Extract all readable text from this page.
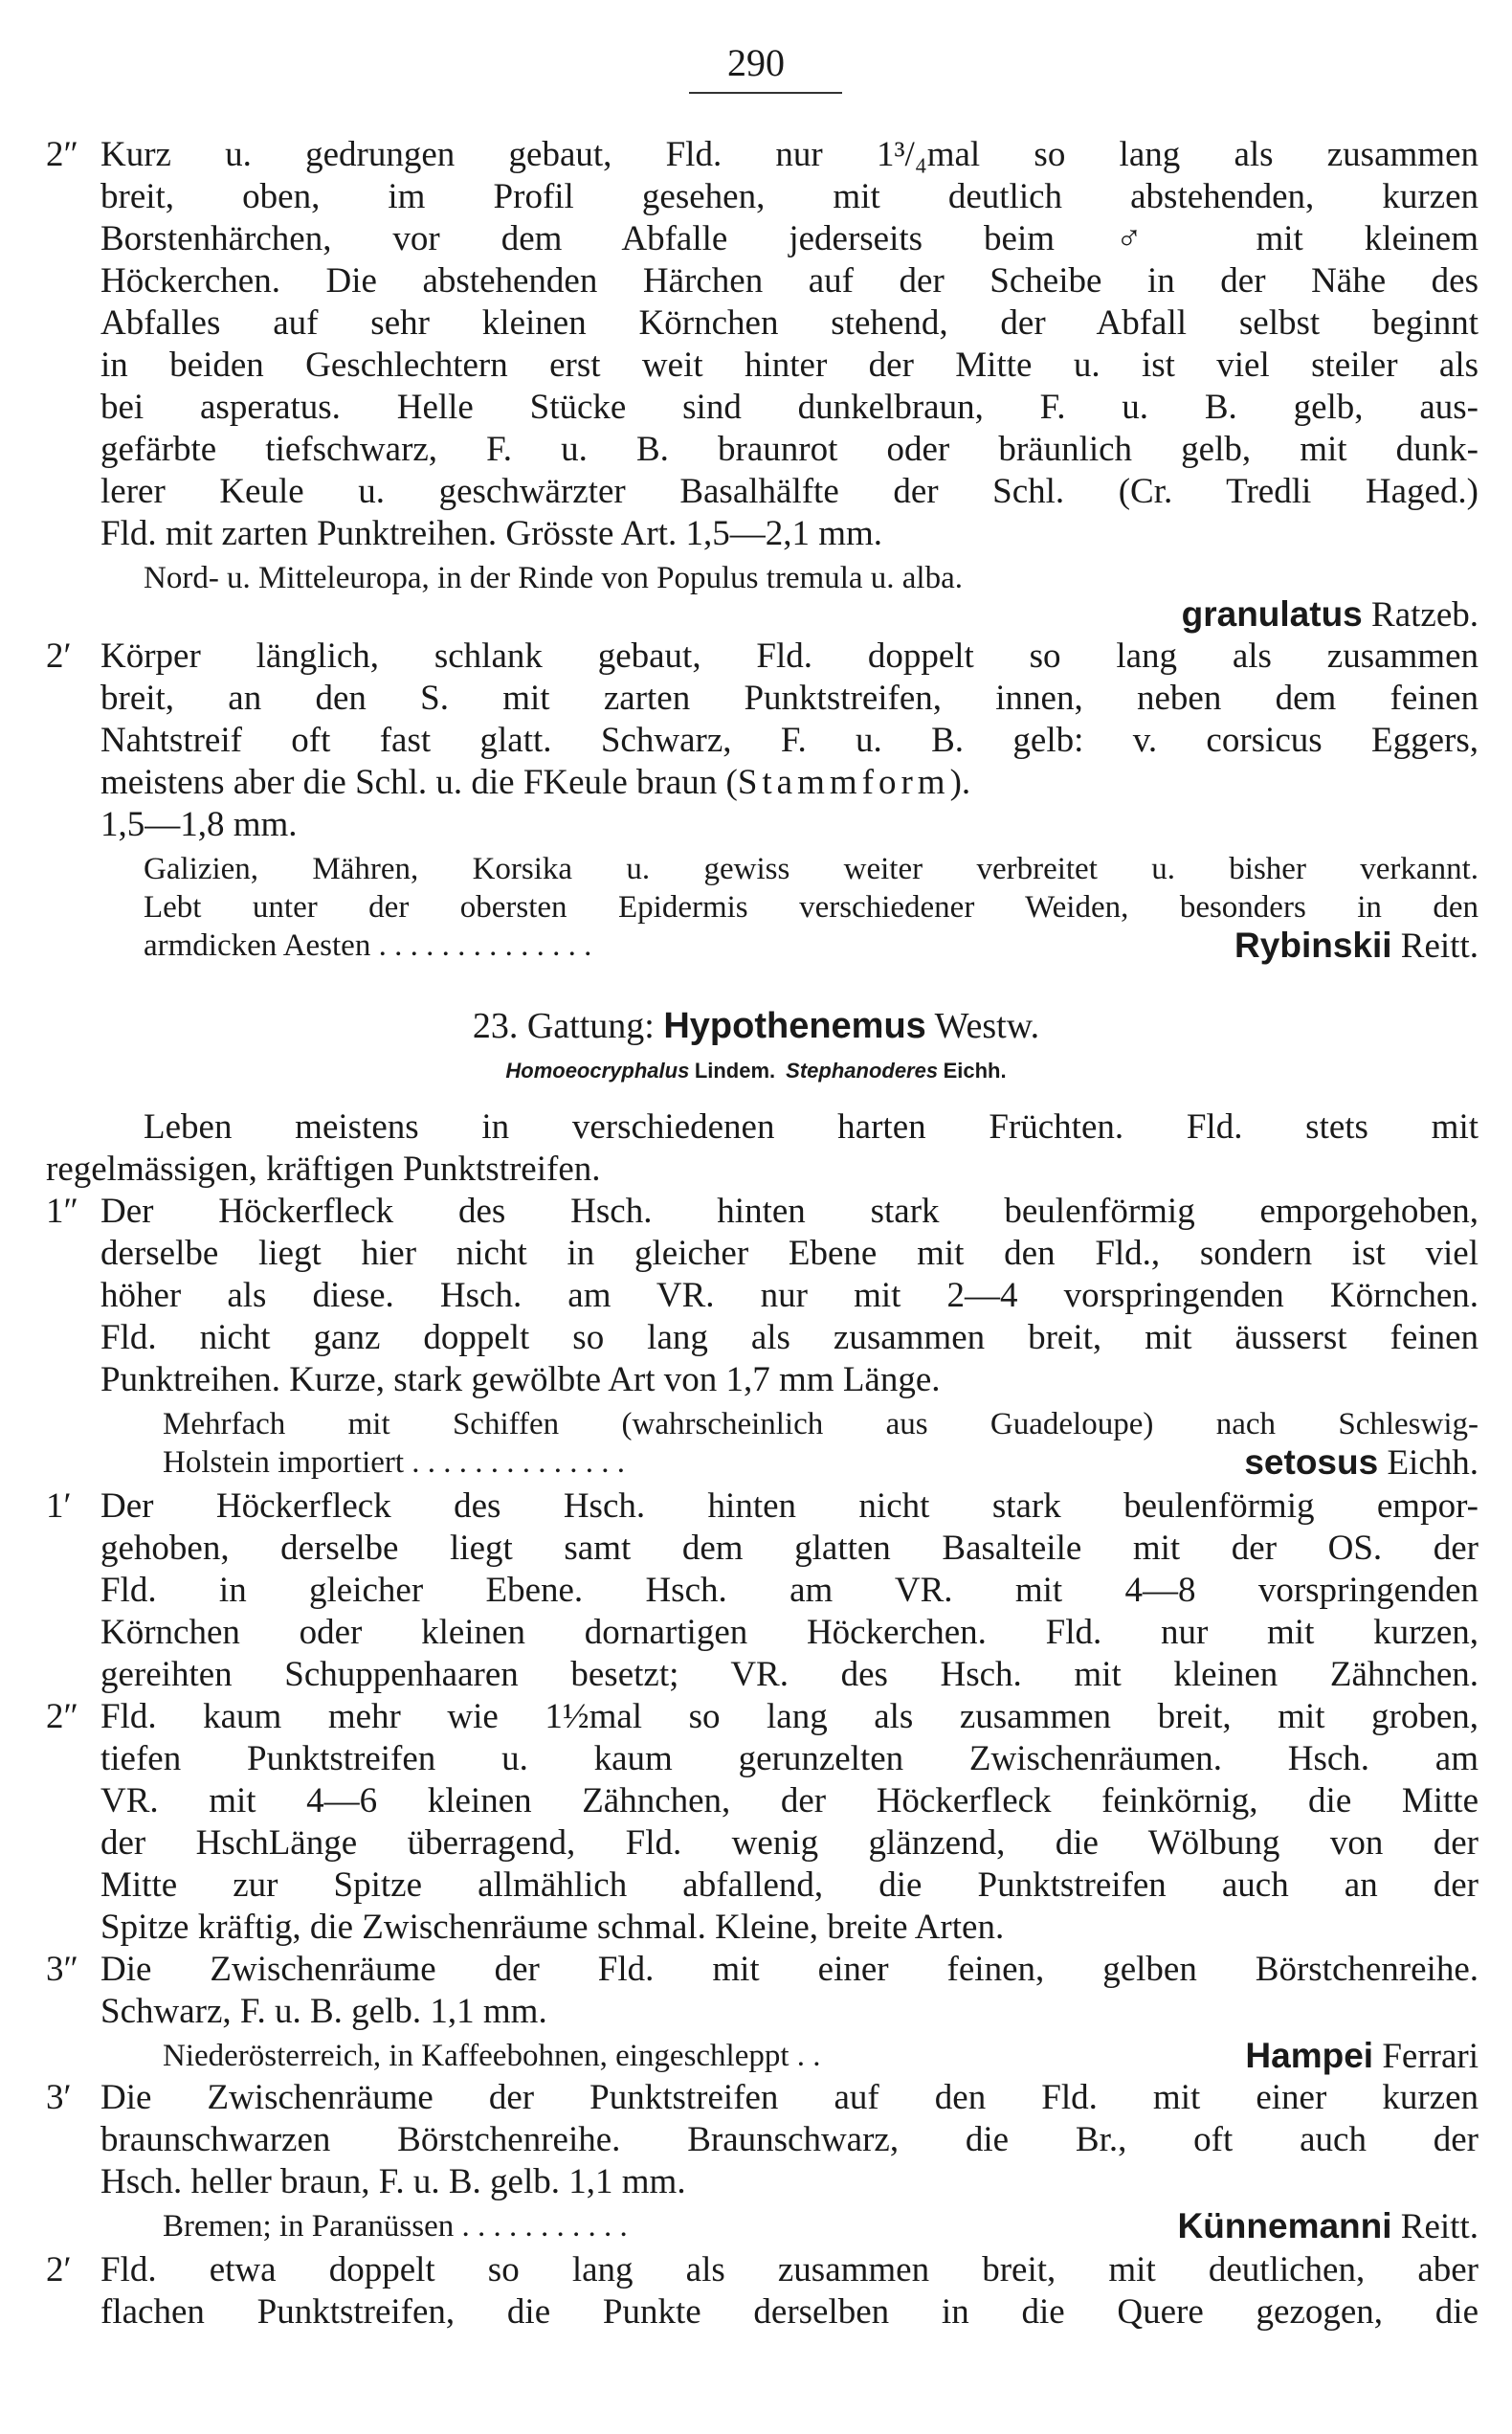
290
2″ Kurz u. gedrungen gebaut, Fld. nur 1³/₄mal so lang als zusammen
breit, oben, im Profil gesehen, mit deutlich abstehenden, kurzen
Borstenhärchen, vor dem Abfalle jederseits beim ♂ mit kleinem
Höckerchen. Die abstehenden Härchen auf der Scheibe in der Nähe des
Abfalles auf sehr kleinen Körnchen stehend, der Abfall selbst beginnt
in beiden Geschlechtern erst weit hinter der Mitte u. ist viel steiler als
bei asperatus. Helle Stücke sind dunkelbraun, F. u. B. gelb, aus-
gefärbte tiefschwarz, F. u. B. braunrot oder bräunlich gelb, mit dunk-
lerer Keule u. geschwärzter Basalhälfte der Schl. (Cr. Tredli Haged.)
Fld. mit zarten Punktreihen. Grösste Art. 1,5—2,1 mm.
Nord- u. Mitteleuropa, in der Rinde von Populus tremula u. alba.
granulatus Ratzeb.
2′ Körper länglich, schlank gebaut, Fld. doppelt so lang als zusammen
breit, an den S. mit zarten Punktstreifen, innen, neben dem feinen
Nahtstreif oft fast glatt. Schwarz, F. u. B. gelb: v. corsicus Eggers,
meistens aber die Schl. u. die FKeule braun (Stammform).
1,5—1,8 mm.
Galizien, Mähren, Korsika u. gewiss weiter verbreitet u. bisher verkannt.
Lebt unter der obersten Epidermis verschiedener Weiden, besonders in den
armdicken Aesten . . . . . . . . . . . . . .	Rybinskii Reitt.
23. Gattung: Hypothenemus Westw.
Homoeocryphalus Lindem. Stephanoderes Eichh.
Leben meistens in verschiedenen harten Früchten. Fld. stets mit
regelmässigen, kräftigen Punktstreifen.
1″ Der Höckerfleck des Hsch. hinten stark beulenförmig emporgehoben,
derselbe liegt hier nicht in gleicher Ebene mit den Fld., sondern ist viel
höher als diese. Hsch. am VR. nur mit 2—4 vorspringenden Körnchen.
Fld. nicht ganz doppelt so lang als zusammen breit, mit äusserst feinen
Punktreihen. Kurze, stark gewölbte Art von 1,7 mm Länge.
Mehrfach mit Schiffen (wahrscheinlich aus Guadeloupe) nach Schleswig-
Holstein importiert . . . . . . . . . . . . . .	setosus Eichh.
1′ Der Höckerfleck des Hsch. hinten nicht stark beulenförmig empor-
gehoben, derselbe liegt samt dem glatten Basalteile mit der OS. der
Fld. in gleicher Ebene. Hsch. am VR. mit 4—8 vorspringenden
Körnchen oder kleinen dornartigen Höckerchen. Fld. nur mit kurzen,
gereihten Schuppenhaaren besetzt; VR. des Hsch. mit kleinen Zähnchen.
2″ Fld. kaum mehr wie 1½mal so lang als zusammen breit, mit groben,
tiefen Punktstreifen u. kaum gerunzelten Zwischenräumen. Hsch. am
VR. mit 4—6 kleinen Zähnchen, der Höckerfleck feinkörnig, die Mitte
der HschLänge überragend, Fld. wenig glänzend, die Wölbung von der
Mitte zur Spitze allmählich abfallend, die Punktstreifen auch an der
Spitze kräftig, die Zwischenräume schmal. Kleine, breite Arten.
3″ Die Zwischenräume der Fld. mit einer feinen, gelben Börstchenreihe.
Schwarz, F. u. B. gelb. 1,1 mm.
Niederösterreich, in Kaffeebohnen, eingeschleppt . .	Hampei Ferrari
3′ Die Zwischenräume der Punktstreifen auf den Fld. mit einer kurzen
braunschwarzen Börstchenreihe. Braunschwarz, die Br., oft auch der
Hsch. heller braun, F. u. B. gelb. 1,1 mm.
Bremen; in Paranüssen . . . . . . . . . . .	Künnemanni Reitt.
2′ Fld. etwa doppelt so lang als zusammen breit, mit deutlichen, aber
flachen Punktstreifen, die Punkte derselben in die Quere gezogen, die
